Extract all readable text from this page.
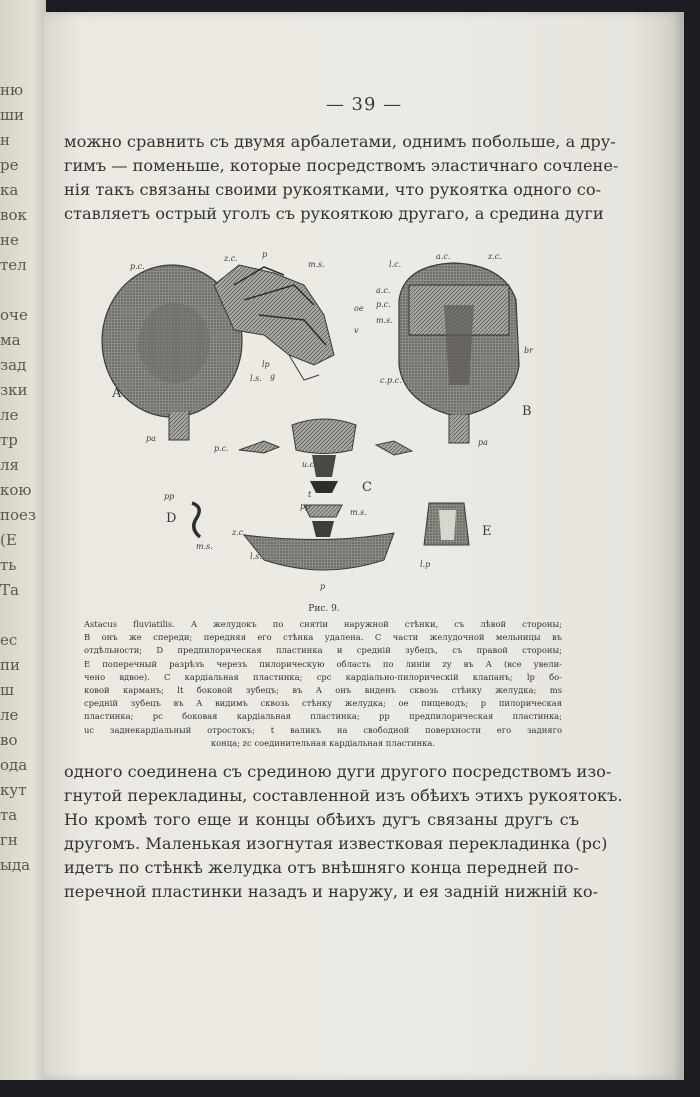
ню
ши
н
ре
ка
вок
не
тел

оче
ма
зад
зки
ле
тр
ля
кою
поез
(Е
ть
Та

ес
пи
ш
ле
во
ода
кут
та
гн
ыда
— 39 —
можно сравнить съ двумя арбалетами, однимъ побольше, а дру-
гимъ — поменьше, которые посредствомъ эластичнаго сочлене-
нія такъ связаны своими рукоятками, что рукоятка одного со-
ставляетъ острый уголъ съ рукояткою другаго, а средина дуги
A
B
C
D
E
p.c.
z.c.	p
m.s.
oe
v
lp
l.s. g
pa
l.c.
a.c.	z.c.
a.c.
p.c.
m.s.
br
c.p.c.
pa
p.c.
u.c.
t
pp
m.s.
pp
m.s.
z.c.
l.s.
p
l.p
Рис. 9.
Astacus fluviatilis. A желудокъ по снятіи наружной стѣнки, съ лѣвой стороны;
B онъ же спереди; передняя его стѣнка удалена. C части желудочной мельницы въ
отдѣльности; D предпилорическая пластинка и средній зубецъ, съ правой стороны;
E поперечный разрѣзъ черезъ пилорическую область по линіи zy въ A (все увели-
чено вдвое). C кардіальная пластинка; cpc кардіально-пилорическій клапанъ; lp бо-
ковой карманъ; lt боковой зубецъ; въ A онъ виденъ сквозь стѣнку желудка; ms
средній зубецъ въ A видимъ сквозь стѣнку желудка; oe пищеводъ; p пилорическая
пластинка; pc боковая кардіальная пластинка; pp предпилорическая пластинка;
uc заднекардіальный отростокъ; t валикъ на свободной поверхности его задняго
конца; zc соединительная кардіальная пластинка.
одного соединена съ срединою дуги другого посредствомъ изо-
гнутой перекладины, составленной изъ обѣихъ этихъ рукоятокъ.
Но кромѣ того еще и концы обѣихъ дугъ связаны другъ съ
другомъ. Маленькая изогнутая известковая перекладинка (pc)
идетъ по стѣнкѣ желудка отъ внѣшняго конца передней по-
перечной пластинки назадъ и наружу, и ея задній нижній ко-
